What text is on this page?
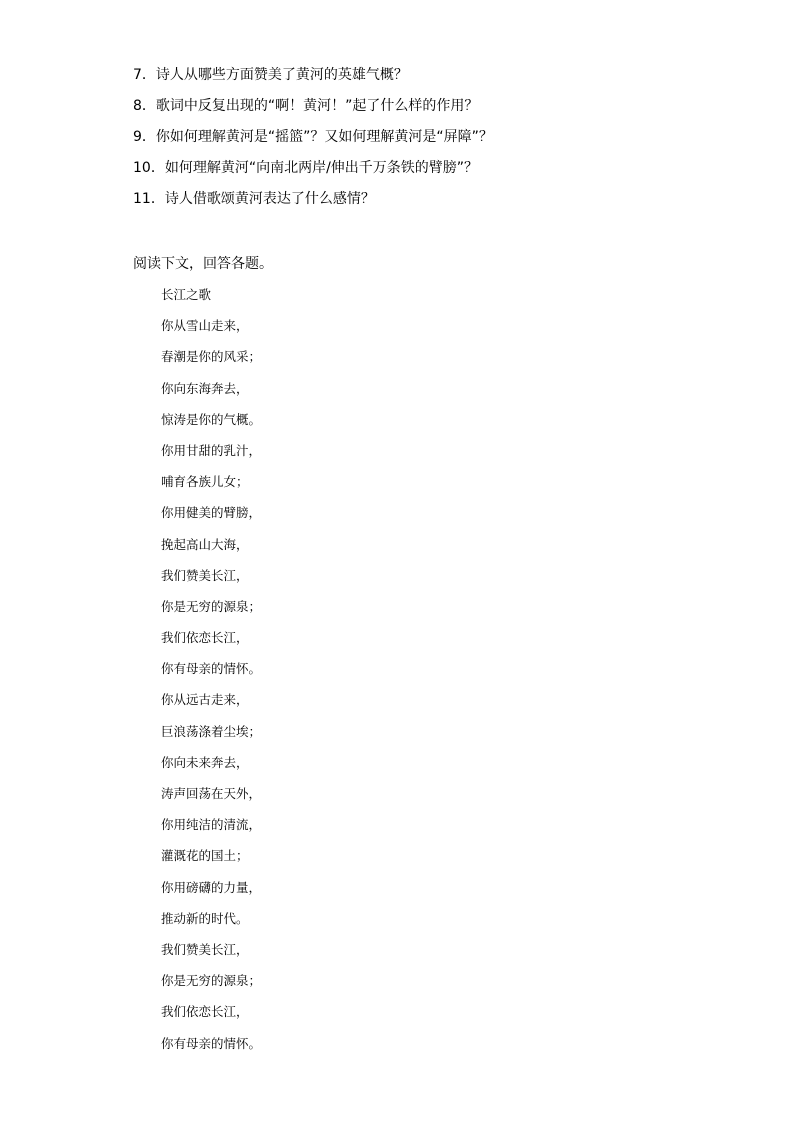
7．诗人从哪些方面赞美了黄河的英雄气概？
8．歌词中反复出现的“啊！黄河！”起了什么样的作用？
9．你如何理解黄河是“摇篮”？又如何理解黄河是“屏障”？
10．如何理解黄河“向南北两岸/伸出千万条铁的臂膀”？
11．诗人借歌颂黄河表达了什么感情？
阅读下文，回答各题。
长江之歌
你从雪山走来，
春潮是你的风采；
你向东海奔去，
惊涛是你的气概。
你用甘甜的乳汁，
哺育各族儿女；
你用健美的臂膀，
挽起高山大海，
我们赞美长江，
你是无穷的源泉；
我们依恋长江，
你有母亲的情怀。
你从远古走来，
巨浪荡涤着尘埃；
你向未来奔去，
涛声回荡在天外，
你用纯洁的清流，
灌溉花的国土；
你用磅礴的力量，
推动新的时代。
我们赞美长江，
你是无穷的源泉；
我们依恋长江，
你有母亲的情怀。
